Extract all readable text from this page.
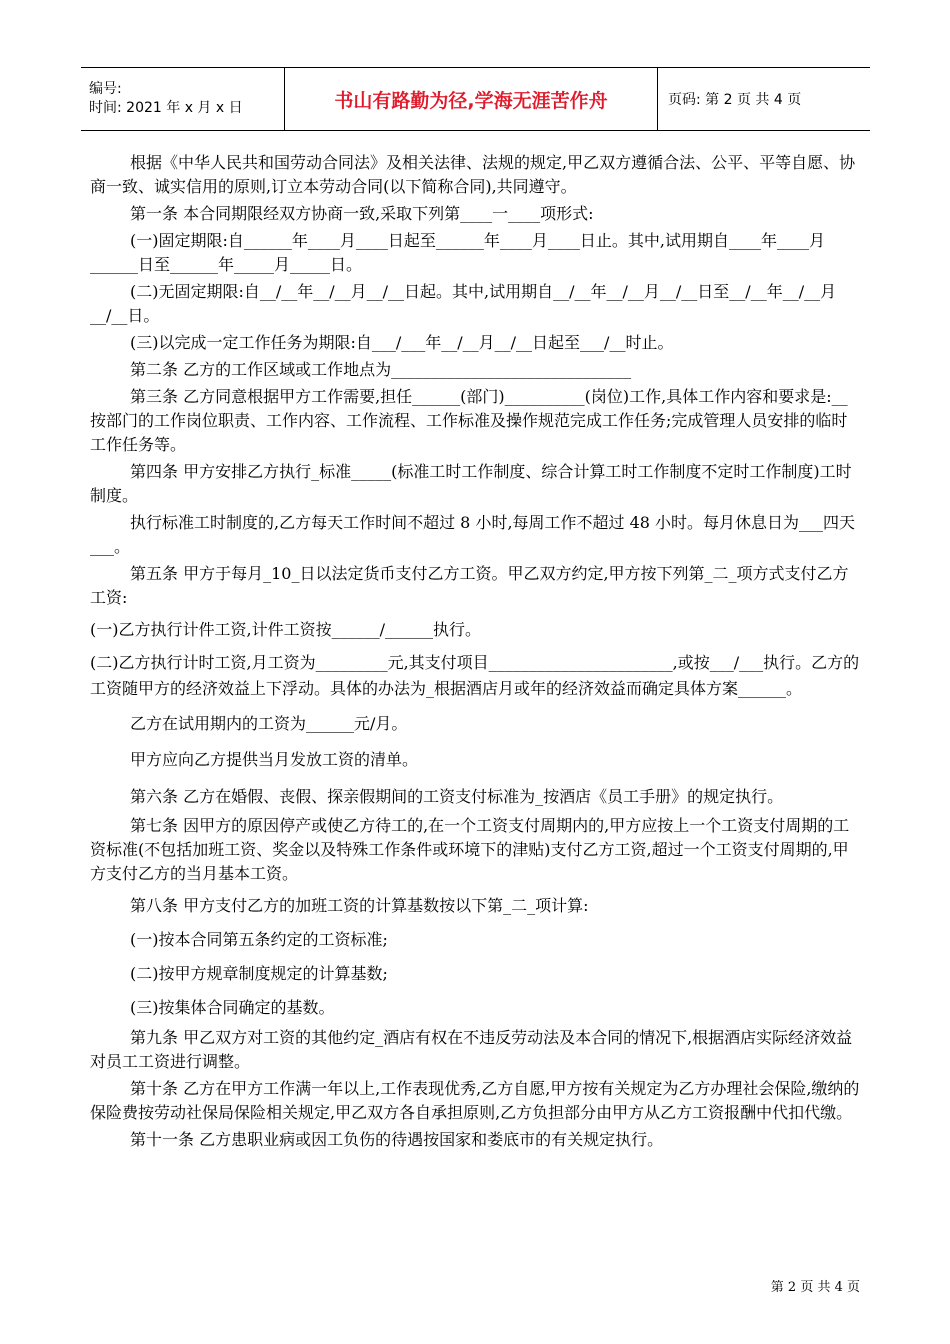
编号:
时间: 2021 年 x 月 x 日	书山有路勤为径,学海无涯苦作舟	页码: 第 2 页 共 4 页

根据《中华人民共和国劳动合同法》及相关法律、法规的规定,甲乙双方遵循合法、公平、平等自愿、协商一致、诚实信用的原则,订立本劳动合同(以下简称合同),共同遵守。

第一条 本合同期限经双方协商一致,采取下列第____一____项形式:

(一)固定期限:自______年____月____日起至______年____月____日止。其中,试用期自____年____月______日至______年_____月_____日。

(二)无固定期限:自__/__年__/__月__/__日起。其中,试用期自__/__年__/__月__/__日至__/__年__/__月__/__日。

(三)以完成一定工作任务为期限:自___/___年__/__月__/__日起至___/__时止。

第二条 乙方的工作区域或工作地点为______________________________

第三条 乙方同意根据甲方工作需要,担任______(部门)__________(岗位)工作,具体工作内容和要求是:__按部门的工作岗位职责、工作内容、工作流程、工作标准及操作规范完成工作任务;完成管理人员安排的临时工作任务等。

第四条 甲方安排乙方执行_标准_____(标准工时工作制度、综合计算工时工作制度不定时工作制度)工时制度。

执行标准工时制度的,乙方每天工作时间不超过 8 小时,每周工作不超过 48 小时。每月休息日为___四天___。

第五条 甲方于每月_10_日以法定货币支付乙方工资。甲乙双方约定,甲方按下列第_二_项方式支付乙方工资:

(一)乙方执行计件工资,计件工资按______/______执行。

(二)乙方执行计时工资,月工资为_________元,其支付项目_______________________,或按___/___执行。乙方的工资随甲方的经济效益上下浮动。具体的办法为_根据酒店月或年的经济效益而确定具体方案______。

乙方在试用期内的工资为______元/月。

甲方应向乙方提供当月发放工资的清单。

第六条 乙方在婚假、丧假、探亲假期间的工资支付标准为_按酒店《员工手册》的规定执行。

第七条 因甲方的原因停产或使乙方待工的,在一个工资支付周期内的,甲方应按上一个工资支付周期的工资标准(不包括加班工资、奖金以及特殊工作条件或环境下的津贴)支付乙方工资,超过一个工资支付周期的,甲方支付乙方的当月基本工资。

第八条 甲方支付乙方的加班工资的计算基数按以下第_二_项计算:

(一)按本合同第五条约定的工资标准;

(二)按甲方规章制度规定的计算基数;

(三)按集体合同确定的基数。

第九条 甲乙双方对工资的其他约定_酒店有权在不违反劳动法及本合同的情况下,根据酒店实际经济效益对员工工资进行调整。

第十条 乙方在甲方工作满一年以上,工作表现优秀,乙方自愿,甲方按有关规定为乙方办理社会保险,缴纳的保险费按劳动社保局保险相关规定,甲乙双方各自承担原则,乙方负担部分由甲方从乙方工资报酬中代扣代缴。

第十一条 乙方患职业病或因工负伤的待遇按国家和娄底市的有关规定执行。

第 2 页 共 4 页
